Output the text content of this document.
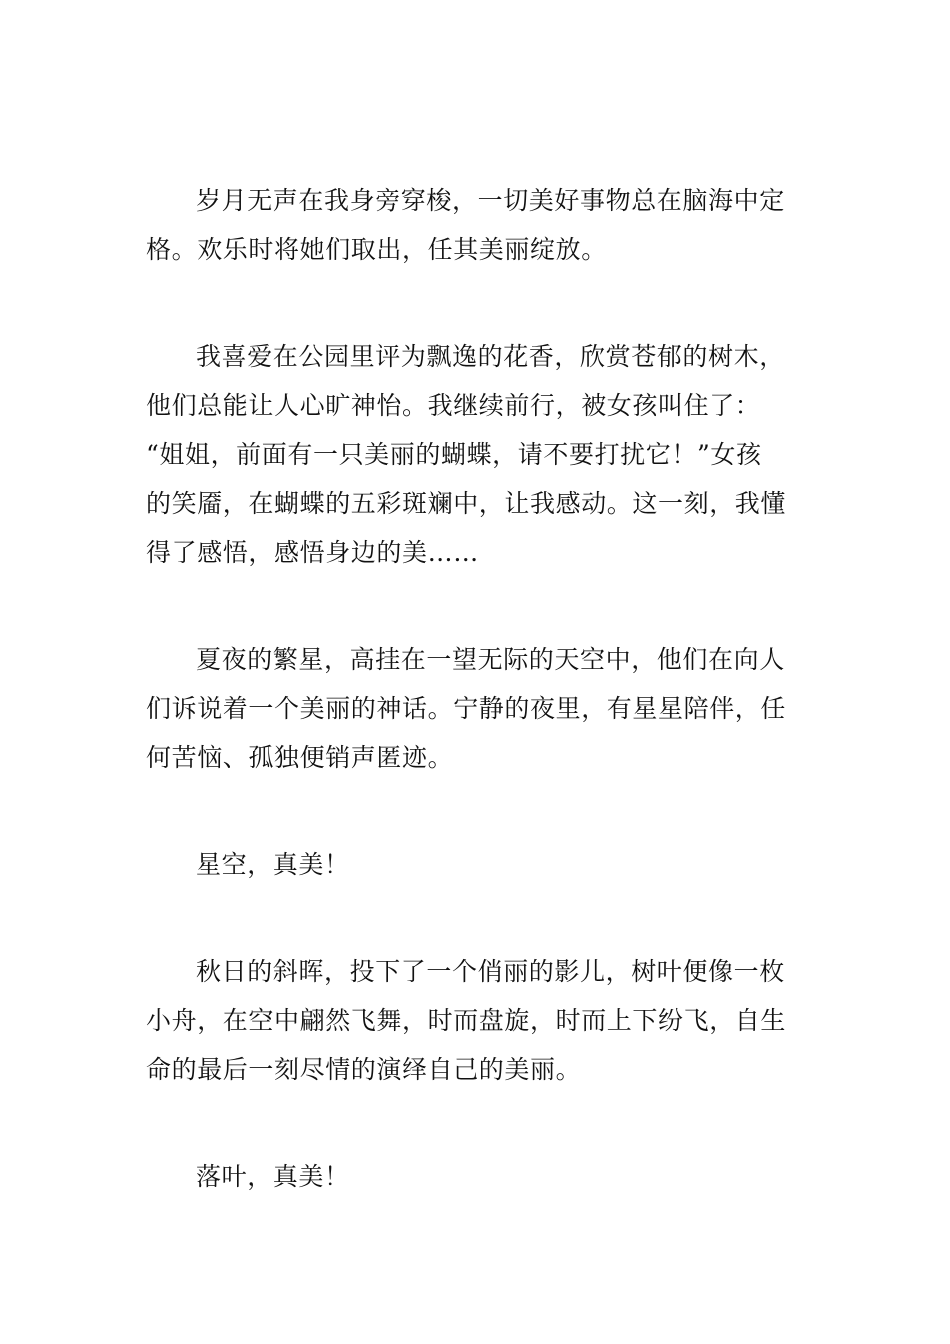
岁月无声在我身旁穿梭，一切美好事物总在脑海中定
格。欢乐时将她们取出，任其美丽绽放。

我喜爱在公园里评为飘逸的花香，欣赏苍郁的树木，
他们总能让人心旷神怡。我继续前行，被女孩叫住了：
“姐姐，前面有一只美丽的蝴蝶，请不要打扰它！”女孩
的笑靥，在蝴蝶的五彩斑斓中，让我感动。这一刻，我懂
得了感悟，感悟身边的美……

夏夜的繁星，高挂在一望无际的天空中，他们在向人
们诉说着一个美丽的神话。宁静的夜里，有星星陪伴，任
何苦恼、孤独便销声匿迹。

星空，真美！

秋日的斜晖，投下了一个俏丽的影儿，树叶便像一枚
小舟，在空中翩然飞舞，时而盘旋，时而上下纷飞，自生
命的最后一刻尽情的演绎自己的美丽。

落叶，真美！
